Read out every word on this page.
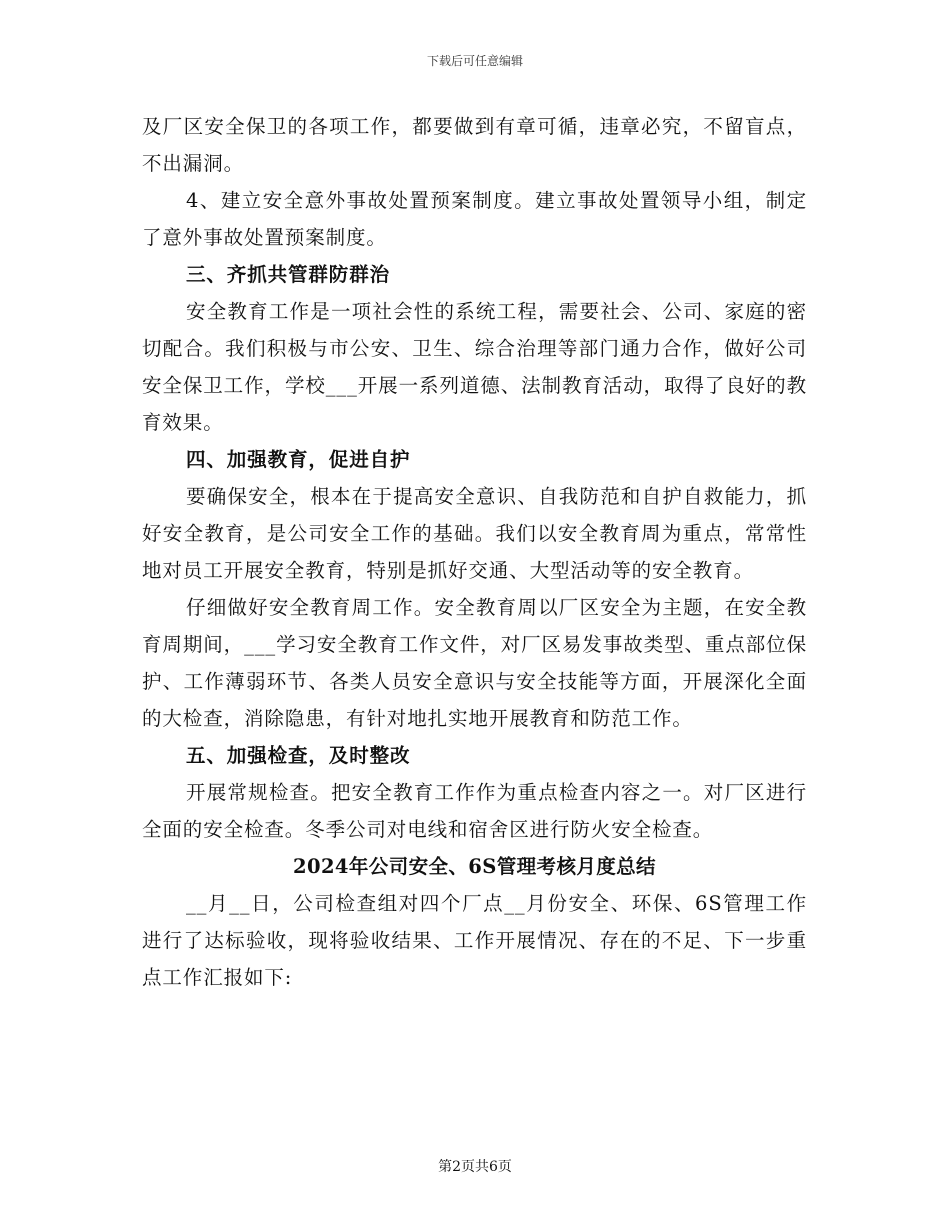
下载后可任意编辑

及厂区安全保卫的各项工作，都要做到有章可循，违章必究，不留盲点，不出漏洞。

4、建立安全意外事故处置预案制度。建立事故处置领导小组，制定了意外事故处置预案制度。

三、齐抓共管群防群治

安全教育工作是一项社会性的系统工程，需要社会、公司、家庭的密切配合。我们积极与市公安、卫生、综合治理等部门通力合作，做好公司安全保卫工作，学校___开展一系列道德、法制教育活动，取得了良好的教育效果。

四、加强教育，促进自护

要确保安全，根本在于提高安全意识、自我防范和自护自救能力，抓好安全教育，是公司安全工作的基础。我们以安全教育周为重点，常常性地对员工开展安全教育，特别是抓好交通、大型活动等的安全教育。

仔细做好安全教育周工作。安全教育周以厂区安全为主题，在安全教育周期间，___学习安全教育工作文件，对厂区易发事故类型、重点部位保护、工作薄弱环节、各类人员安全意识与安全技能等方面，开展深化全面的大检查，消除隐患，有针对地扎实地开展教育和防范工作。

五、加强检查，及时整改

开展常规检查。把安全教育工作作为重点检查内容之一。对厂区进行全面的安全检查。冬季公司对电线和宿舍区进行防火安全检查。

2024年公司安全、6S管理考核月度总结

__月__日，公司检查组对四个厂点__月份安全、环保、6S管理工作进行了达标验收，现将验收结果、工作开展情况、存在的不足、下一步重点工作汇报如下:

第2页共6页
